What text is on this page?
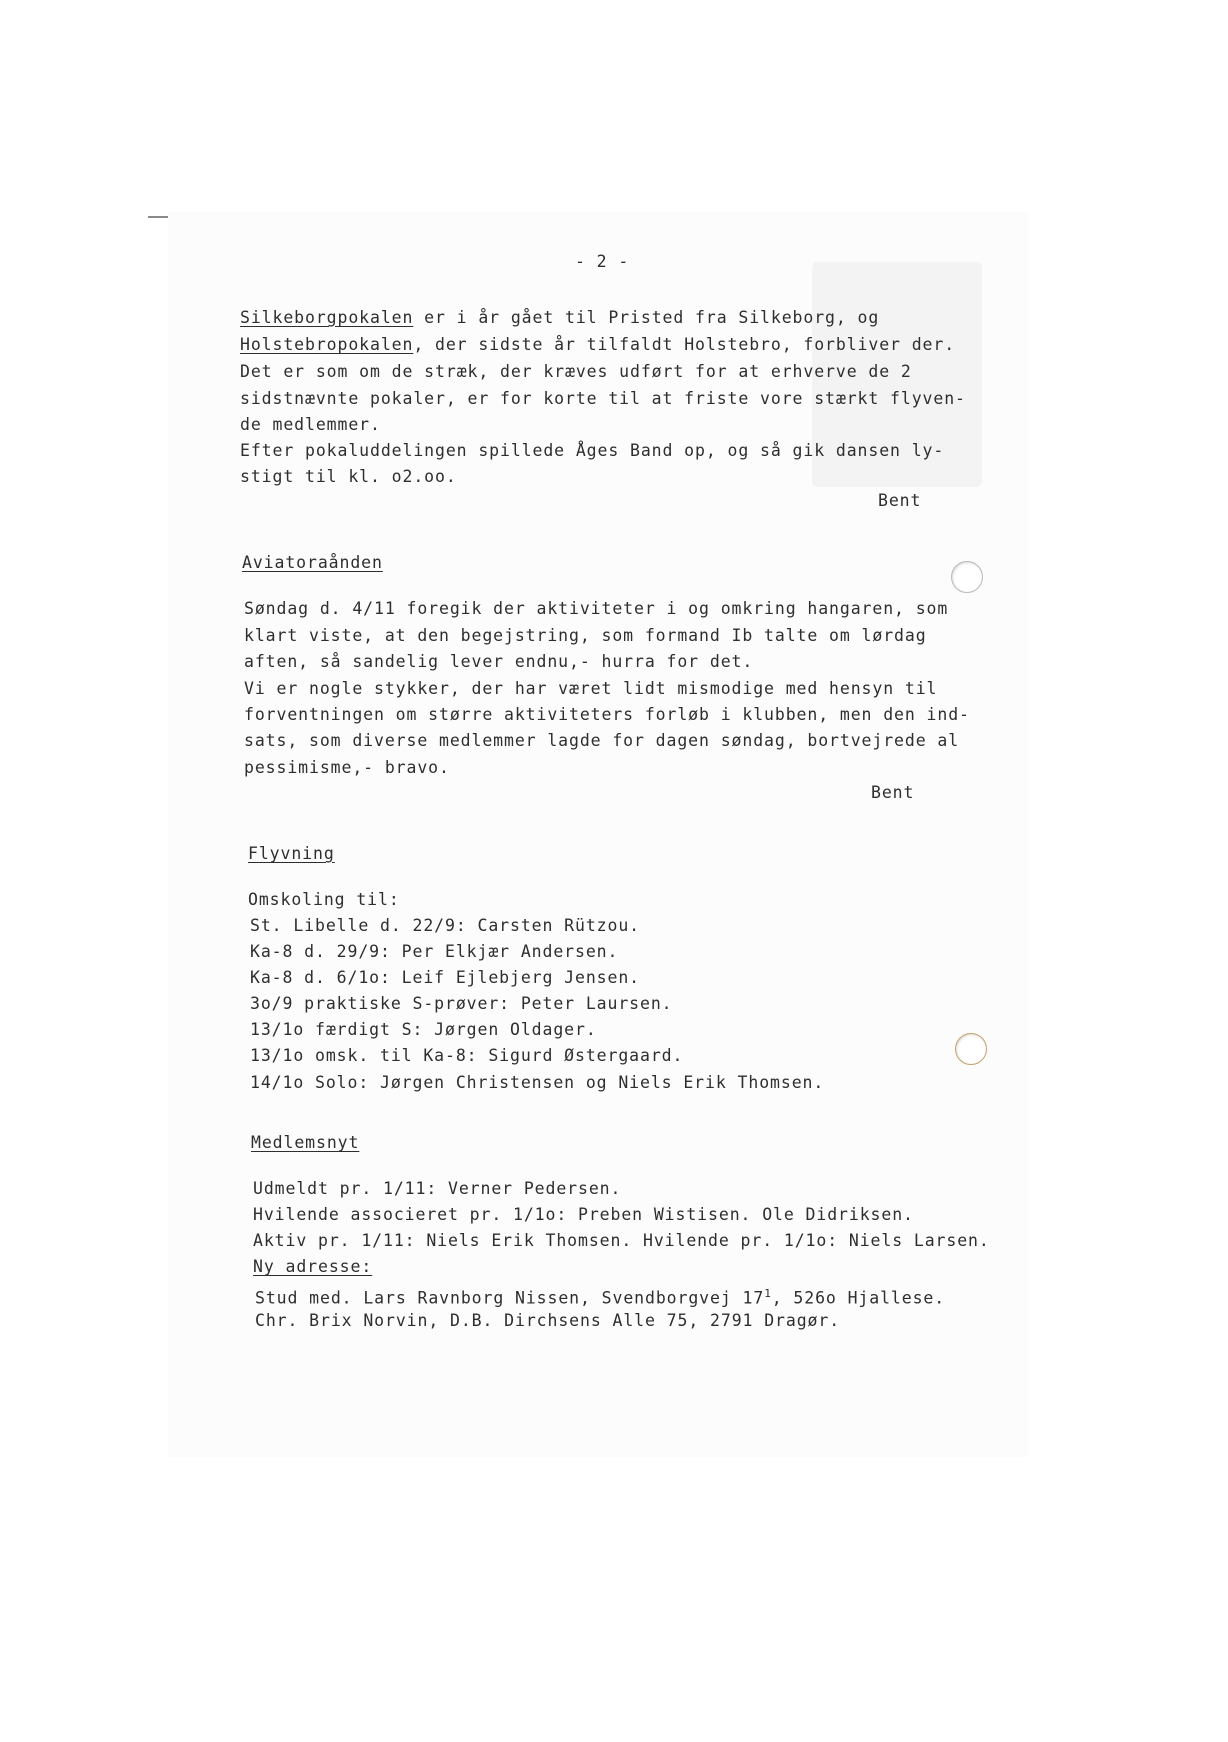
- 2 -
Silkeborgpokalen er i år gået til Pristed fra Silkeborg, og
Holstebropokalen, der sidste år tilfaldt Holstebro, forbliver der.
Det er som om de stræk, der kræves udført for at erhverve de 2
sidstnævnte pokaler, er for korte til at friste vore stærkt flyven-
de medlemmer.
Efter pokaluddelingen spillede Åges Band op, og så gik dansen ly-
stigt til kl. o2.oo.
Bent
Aviatoraånden
Søndag d. 4/11 foregik der aktiviteter i og omkring hangaren, som
klart viste, at den begejstring, som formand Ib talte om lørdag
aften, så sandelig lever endnu,- hurra for det.
Vi er nogle stykker, der har været lidt mismodige med hensyn til
forventningen om større aktiviteters forløb i klubben, men den ind-
sats, som diverse medlemmer lagde for dagen søndag, bortvejrede al
pessimisme,- bravo.
Bent
Flyvning
Omskoling til:
St. Libelle d. 22/9: Carsten Rützou.
Ka-8 d. 29/9: Per Elkjær Andersen.
Ka-8 d. 6/1o: Leif Ejlebjerg Jensen.
3o/9 praktiske S-prøver: Peter Laursen.
13/1o færdigt S: Jørgen Oldager.
13/1o omsk. til Ka-8: Sigurd Østergaard.
14/1o Solo: Jørgen Christensen og Niels Erik Thomsen.
Medlemsnyt
Udmeldt pr. 1/11: Verner Pedersen.
Hvilende associeret pr. 1/1o: Preben Wistisen. Ole Didriksen.
Aktiv pr. 1/11: Niels Erik Thomsen. Hvilende pr. 1/1o: Niels Larsen.
Ny adresse:
Stud med. Lars Ravnborg Nissen, Svendborgvej $17^1$, 526o Hjallese.
Chr. Brix Norvin, D.B. Dirchsens Alle 75, 2791 Dragør.
